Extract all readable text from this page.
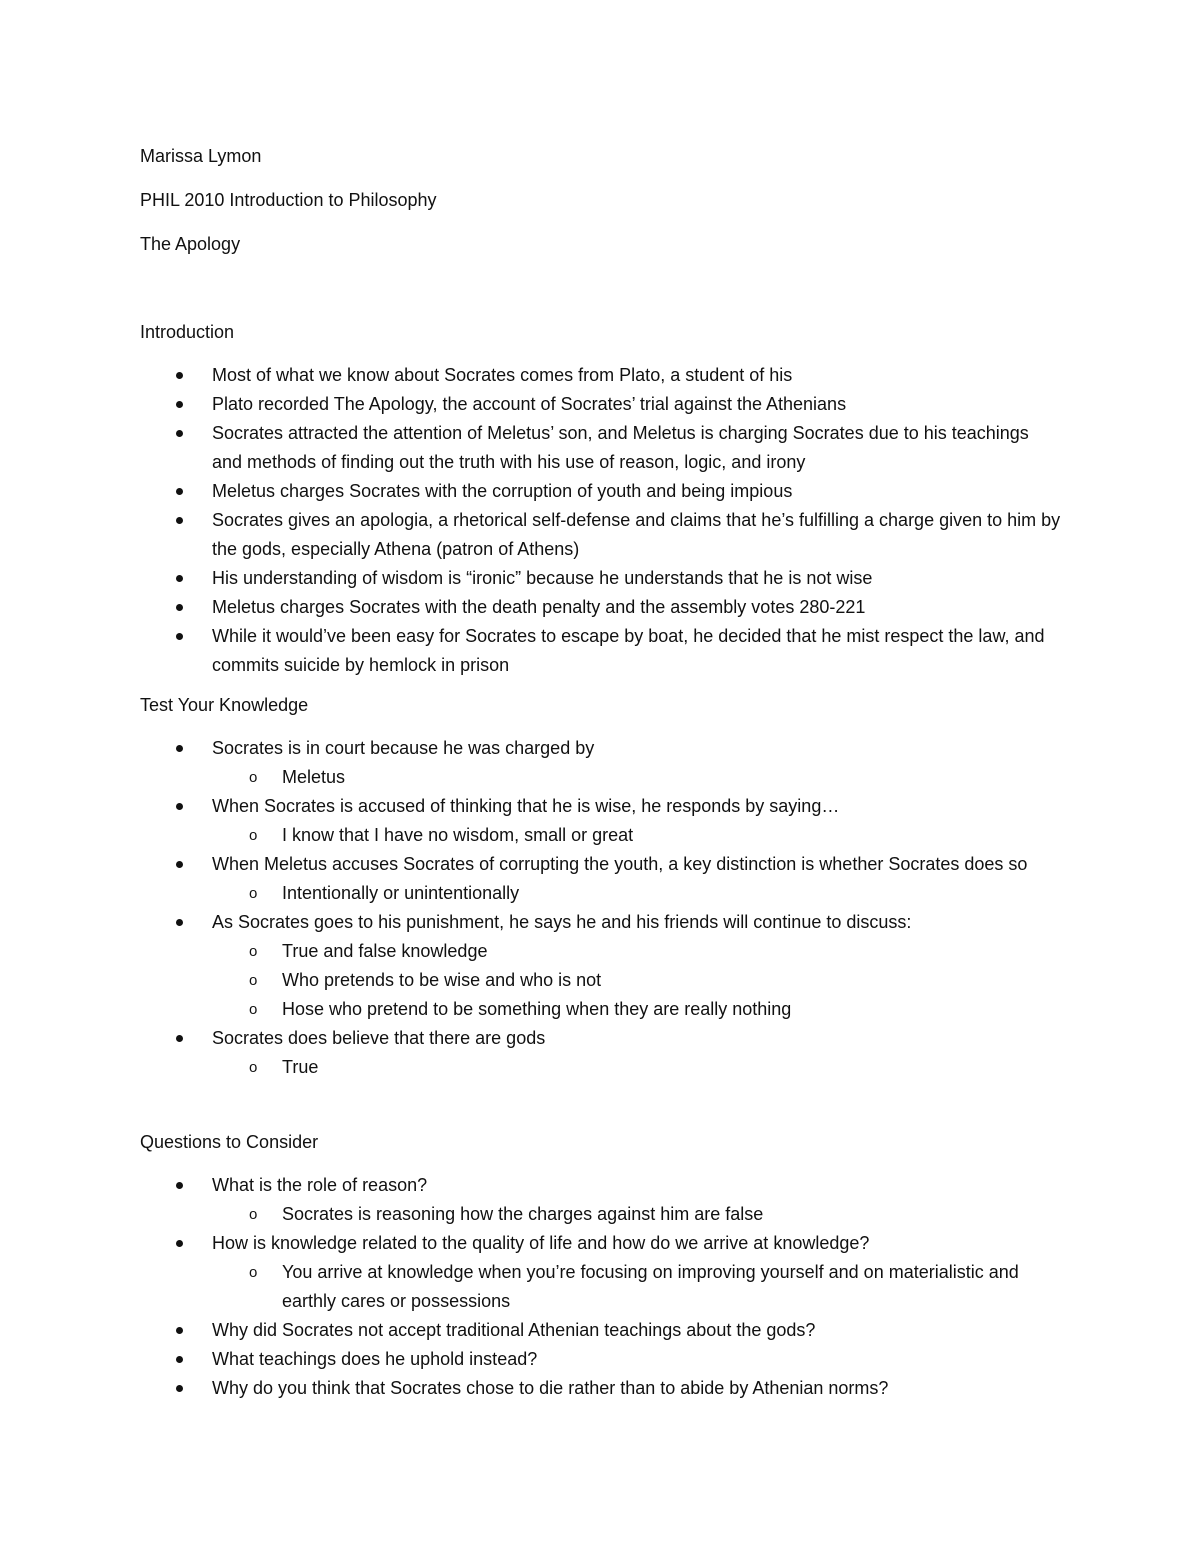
Marissa Lymon

PHIL 2010 Introduction to Philosophy

The Apology

Introduction
Most of what we know about Socrates comes from Plato, a student of his
Plato recorded The Apology, the account of Socrates’ trial against the Athenians
Socrates attracted the attention of Meletus’ son, and Meletus is charging Socrates due to his teachings and methods of finding out the truth with his use of reason, logic, and irony
Meletus charges Socrates with the corruption of youth and being impious
Socrates gives an apologia, a rhetorical self-defense and claims that he’s fulfilling a charge given to him by the gods, especially Athena (patron of Athens)
His understanding of wisdom is “ironic” because he understands that he is not wise
Meletus charges Socrates with the death penalty and the assembly votes 280-221
While it would’ve been easy for Socrates to escape by boat, he decided that he mist respect the law, and commits suicide by hemlock in prison
Test Your Knowledge
Socrates is in court because he was charged by
o Meletus
When Socrates is accused of thinking that he is wise, he responds by saying…
o I know that I have no wisdom, small or great
When Meletus accuses Socrates of corrupting the youth, a key distinction is whether Socrates does so
o Intentionally or unintentionally
As Socrates goes to his punishment, he says he and his friends will continue to discuss:
o True and false knowledge
o Who pretends to be wise and who is not
o Hose who pretend to be something when they are really nothing
Socrates does believe that there are gods
o True
Questions to Consider
What is the role of reason?
o Socrates is reasoning how the charges against him are false
How is knowledge related to the quality of life and how do we arrive at knowledge?
o You arrive at knowledge when you’re focusing on improving yourself and on materialistic and earthly cares or possessions
Why did Socrates not accept traditional Athenian teachings about the gods?
What teachings does he uphold instead?
Why do you think that Socrates chose to die rather than to abide by Athenian norms?
